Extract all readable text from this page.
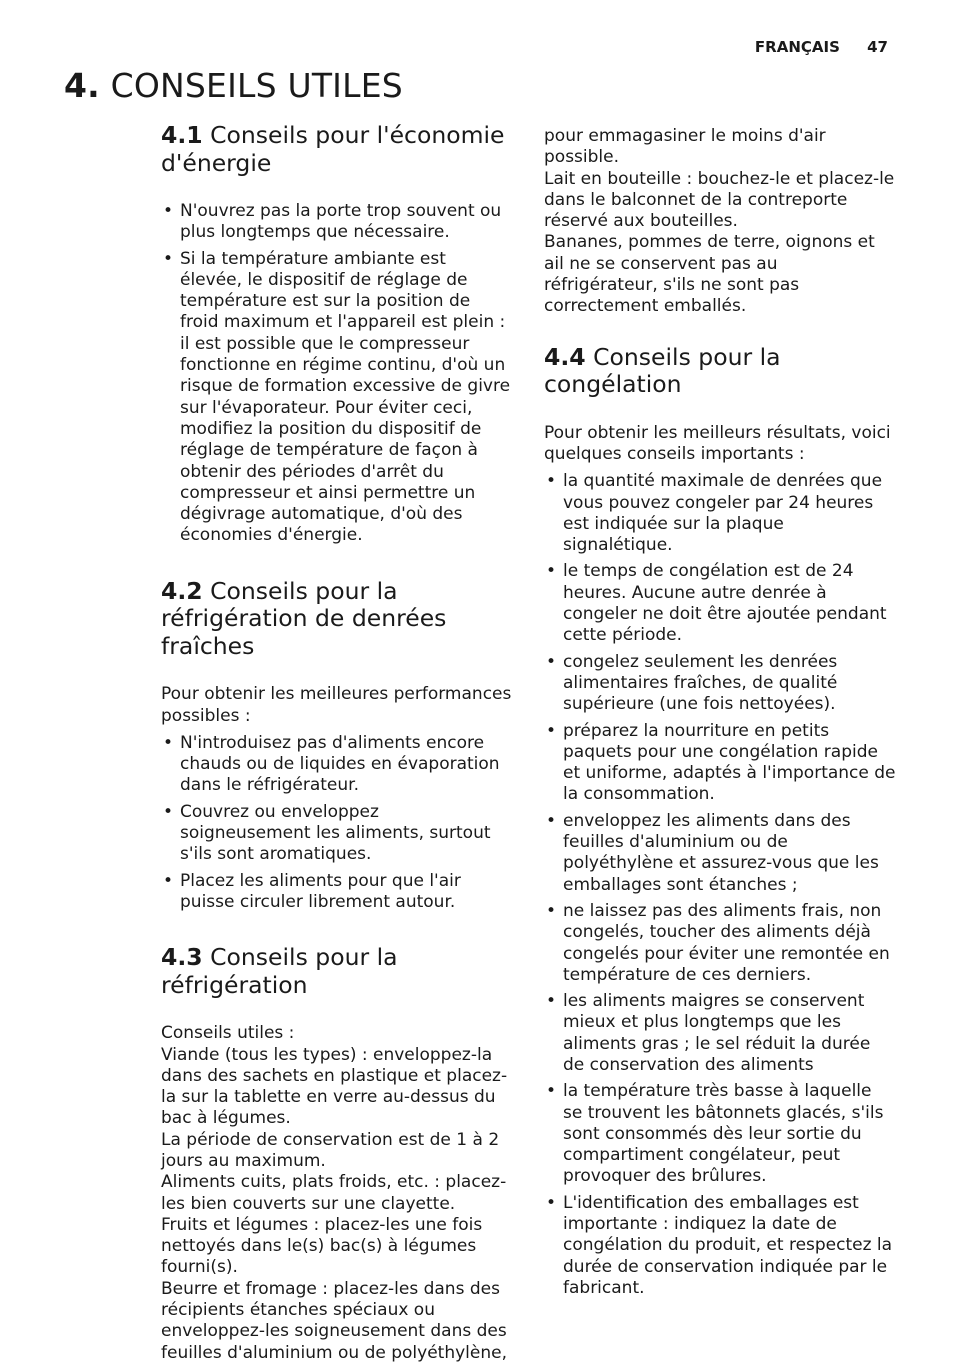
FRANÇAIS 47
4. CONSEILS UTILES
4.1 Conseils pour l'économie d'énergie
• N'ouvrez pas la porte trop souvent ou plus longtemps que nécessaire.
• Si la température ambiante est élevée, le dispositif de réglage de température est sur la position de froid maximum et l'appareil est plein : il est possible que le compresseur fonctionne en régime continu, d'où un risque de formation excessive de givre sur l'évaporateur. Pour éviter ceci, modifiez la position du dispositif de réglage de température de façon à obtenir des périodes d'arrêt du compresseur et ainsi permettre un dégivrage automatique, d'où des économies d'énergie.
4.2 Conseils pour la réfrigération de denrées fraîches

Pour obtenir les meilleures performances possibles :

• N'introduisez pas d'aliments encore chauds ou de liquides en évaporation dans le réfrigérateur.
• Couvrez ou enveloppez soigneusement les aliments, surtout s'ils sont aromatiques.
• Placez les aliments pour que l'air puisse circuler librement autour.
4.3 Conseils pour la réfrigération

Conseils utiles :
Viande (tous les types) : enveloppez-la dans des sachets en plastique et placez-la sur la tablette en verre au-dessus du bac à légumes.
La période de conservation est de 1 à 2 jours au maximum.
Aliments cuits, plats froids, etc. : placez-les bien couverts sur une clayette.
Fruits et légumes : placez-les une fois nettoyés dans le(s) bac(s) à légumes fourni(s).
Beurre et fromage : placez-les dans des récipients étanches spéciaux ou enveloppez-les soigneusement dans des feuilles d'aluminium ou de polyéthylène,

pour emmagasiner le moins d'air possible.
Lait en bouteille : bouchez-le et placez-le dans le balconnet de la contreporte réservé aux bouteilles.
Bananes, pommes de terre, oignons et ail ne se conservent pas au réfrigérateur, s'ils ne sont pas correctement emballés.

4.4 Conseils pour la congélation

Pour obtenir les meilleurs résultats, voici quelques conseils importants :

• la quantité maximale de denrées que vous pouvez congeler par 24 heures est indiquée sur la plaque signalétique.
• le temps de congélation est de 24 heures. Aucune autre denrée à congeler ne doit être ajoutée pendant cette période.
• congelez seulement les denrées alimentaires fraîches, de qualité supérieure (une fois nettoyées).
• préparez la nourriture en petits paquets pour une congélation rapide et uniforme, adaptés à l'importance de la consommation.
• enveloppez les aliments dans des feuilles d'aluminium ou de polyéthylène et assurez-vous que les emballages sont étanches ;
• ne laissez pas des aliments frais, non congelés, toucher des aliments déjà congelés pour éviter une remontée en température de ces derniers.
• les aliments maigres se conservent mieux et plus longtemps que les aliments gras ; le sel réduit la durée de conservation des aliments
• la température très basse à laquelle se trouvent les bâtonnets glacés, s'ils sont consommés dès leur sortie du compartiment congélateur, peut provoquer des brûlures.
• L'identification des emballages est importante : indiquez la date de congélation du produit, et respectez la durée de conservation indiquée par le fabricant.
